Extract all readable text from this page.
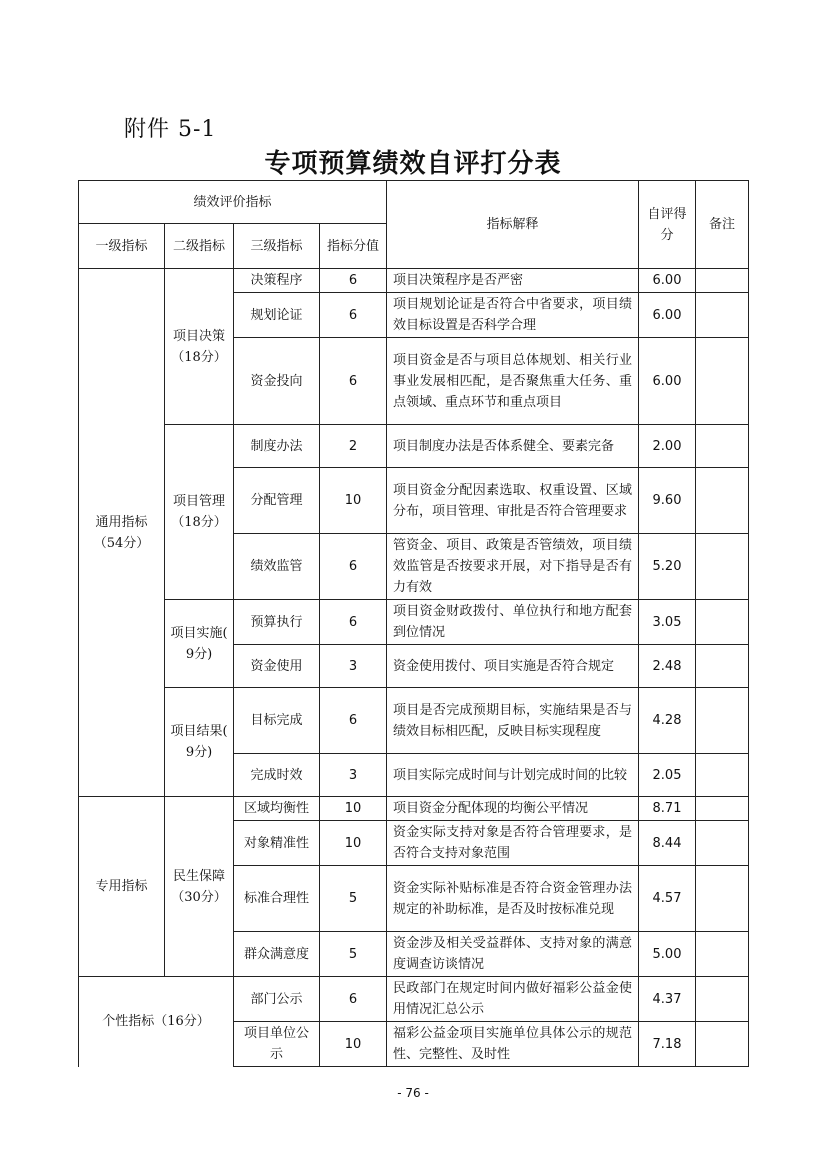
附件 5-1
专项预算绩效自评打分表
绩效评价指标				指标解释	自评得分	备注
一级指标	二级指标	三级指标	指标分值			
通用指标（54分）	项目决策（18分）	决策程序	6	项目决策程序是否严密	6.00	
		规划论证	6	项目规划论证是否符合中省要求，项目绩效目标设置是否科学合理	6.00	
		资金投向	6	项目资金是否与项目总体规划、相关行业事业发展相匹配，是否聚焦重大任务、重点领域、重点环节和重点项目	6.00	
	项目管理（18分）	制度办法	2	项目制度办法是否体系健全、要素完备	2.00	
		分配管理	10	项目资金分配因素选取、权重设置、区域分布，项目管理、审批是否符合管理要求	9.60	
		绩效监管	6	管资金、项目、政策是否管绩效，项目绩效监管是否按要求开展，对下指导是否有力有效	5.20	
	项目实施( 9分)	预算执行	6	项目资金财政拨付、单位执行和地方配套到位情况	3.05	
		资金使用	3	资金使用拨付、项目实施是否符合规定	2.48	
	项目结果( 9分)	目标完成	6	项目是否完成预期目标，实施结果是否与绩效目标相匹配，反映目标实现程度	4.28	
		完成时效	3	项目实际完成时间与计划完成时间的比较	2.05	
专用指标	民生保障（30分）	区域均衡性	10	项目资金分配体现的均衡公平情况	8.71	
		对象精准性	10	资金实际支持对象是否符合管理要求，是否符合支持对象范围	8.44	
		标准合理性	5	资金实际补贴标准是否符合资金管理办法规定的补助标准，是否及时按标准兑现	4.57	
		群众满意度	5	资金涉及相关受益群体、支持对象的满意度调查访谈情况	5.00	
个性指标（16分）		部门公示	6	民政部门在规定时间内做好福彩公益金使用情况汇总公示	4.37	
		项目单位公示	10	福彩公益金项目实施单位具体公示的规范性、完整性、及时性	7.18	
- 76 -
